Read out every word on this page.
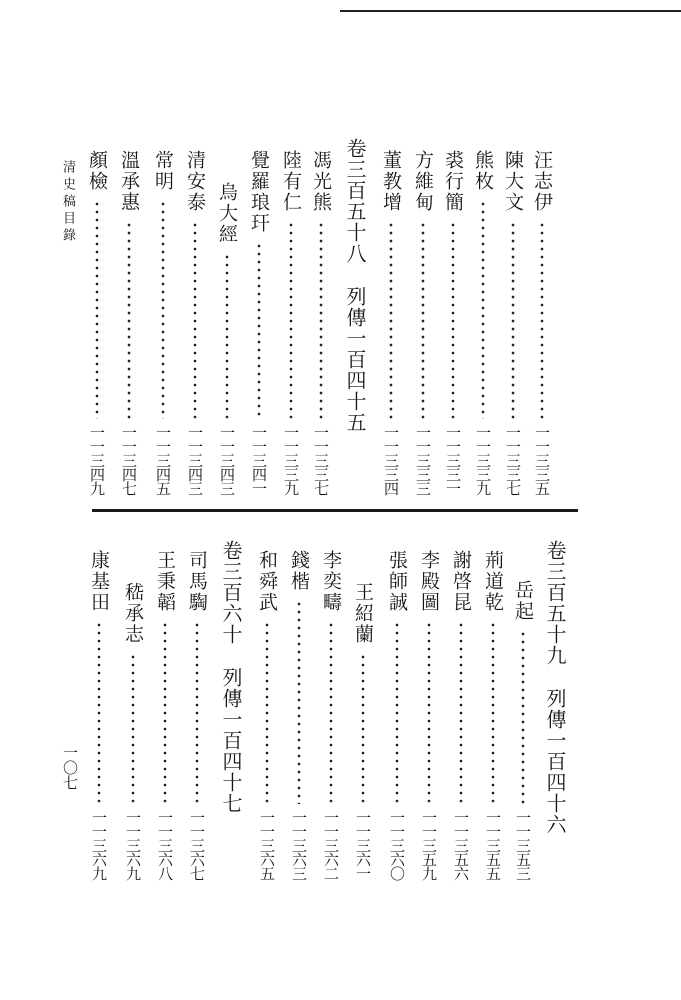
清史稿目錄
一〇七
汪志伊
一一三三五
陳大文
一一三三七
熊枚
一一三三九
裘行簡
一一三三一
方維甸
一一三三三
董教增
一一三三四
卷三百五十八列傳一百四十五
馮光熊
一一三三七
陸有仁
一一三三九
覺羅琅玕
一一三四一
烏大經
一一三四三
清安泰
一一三四三
常明
一一三四五
溫承惠
一一三四七
顏檢
一一三四九
卷三百五十九列傳一百四十六
岳起
一一三五三
荊道乾
一一三五五
謝啓昆
一一三五六
李殿圖
一一三五九
張師誠
一一三六〇
王紹蘭
一一三六一
李奕疇
一一三六二
錢楷
一一三六三
和舜武
一一三六五
卷三百六十列傳一百四十七
司馬騊
一一三六七
王秉韜
一一三六八
嵇承志
一一三六九
康基田
一一三六九
